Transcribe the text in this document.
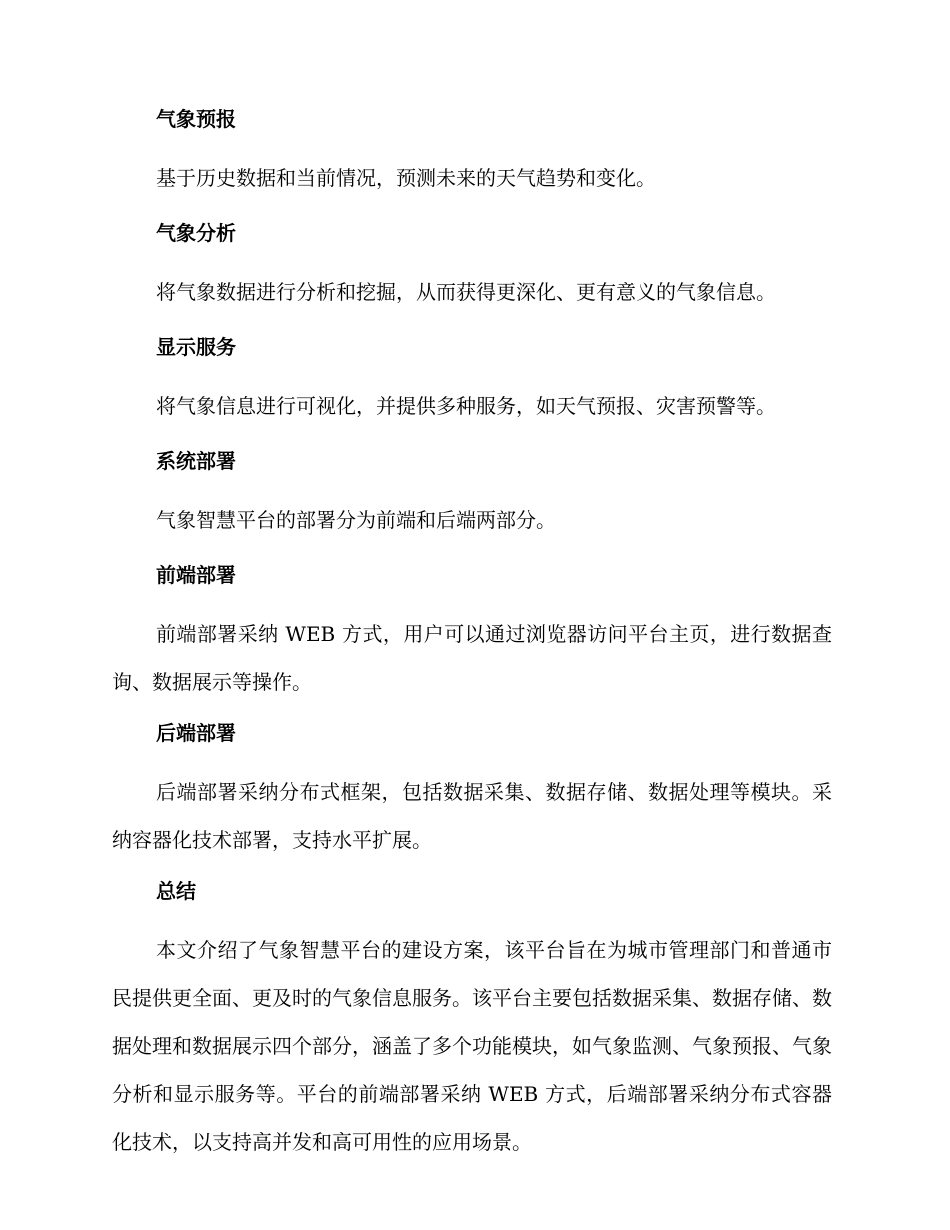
气象预报

基于历史数据和当前情况，预测未来的天气趋势和变化。

气象分析

将气象数据进行分析和挖掘，从而获得更深化、更有意义的气象信息。

显示服务

将气象信息进行可视化，并提供多种服务，如天气预报、灾害预警等。

系统部署

气象智慧平台的部署分为前端和后端两部分。

前端部署

前端部署采纳 WEB 方式，用户可以通过浏览器访问平台主页，进行数据查询、数据展示等操作。

后端部署

后端部署采纳分布式框架，包括数据采集、数据存储、数据处理等模块。采纳容器化技术部署，支持水平扩展。

总结

本文介绍了气象智慧平台的建设方案，该平台旨在为城市管理部门和普通市民提供更全面、更及时的气象信息服务。该平台主要包括数据采集、数据存储、数据处理和数据展示四个部分，涵盖了多个功能模块，如气象监测、气象预报、气象分析和显示服务等。平台的前端部署采纳 WEB 方式，后端部署采纳分布式容器化技术，以支持高并发和高可用性的应用场景。
